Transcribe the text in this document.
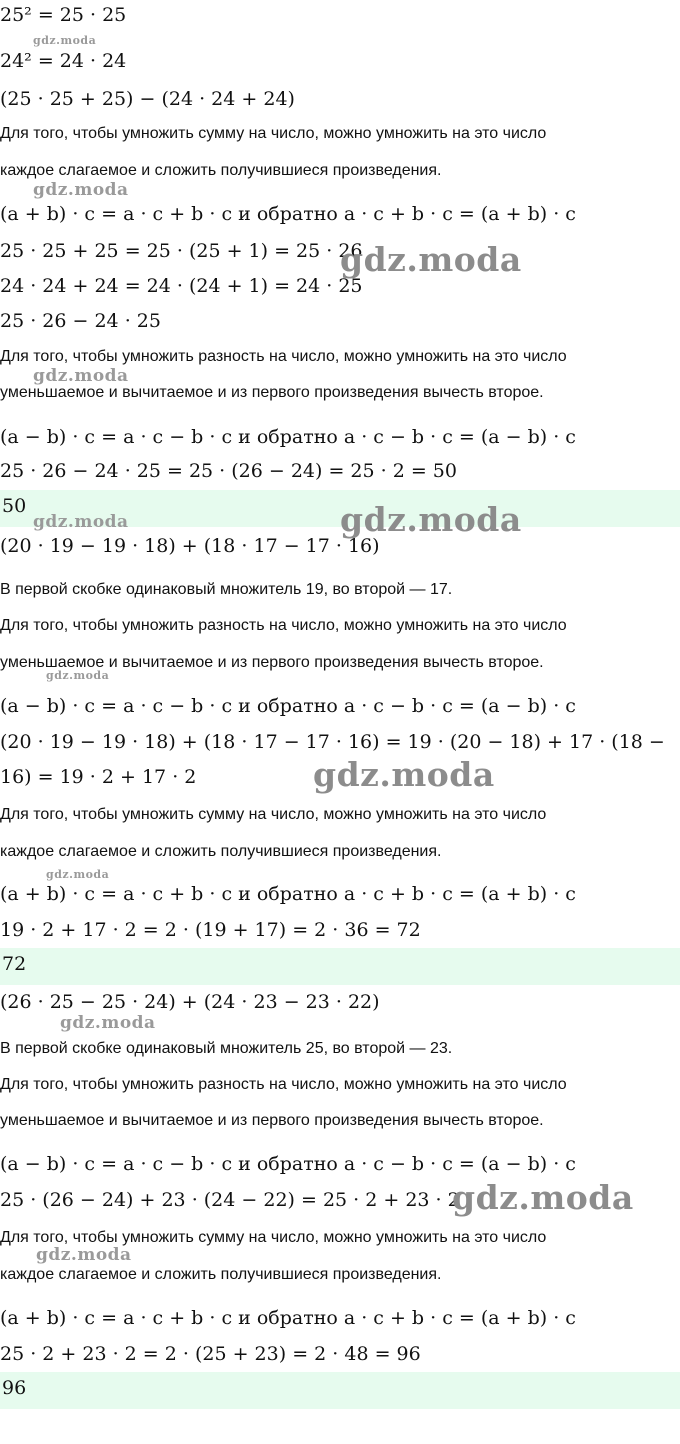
50
72
96
25² = 25 · 25
24² = 24 · 24
(25 · 25 + 25) − (24 · 24 + 24)
Для того, чтобы умножить сумму на число, можно умножить на это число
каждое слагаемое и сложить получившиеся произведения.
(a + b) · c = a · c + b · c и обратно a · c + b · c = (a + b) · c
25 · 25 + 25 = 25 · (25 + 1) = 25 · 26
24 · 24 + 24 = 24 · (24 + 1) = 24 · 25
25 · 26 − 24 · 25
Для того, чтобы умножить разность на число, можно умножить на это число
уменьшаемое и вычитаемое и из первого произведения вычесть второе.
(a − b) · c = a · c − b · c и обратно a · c − b · c = (a − b) · c
25 · 26 − 24 · 25 = 25 · (26 − 24) = 25 · 2 = 50
(20 · 19 − 19 · 18) + (18 · 17 − 17 · 16)
В первой скобке одинаковый множитель 19, во второй — 17.
Для того, чтобы умножить разность на число, можно умножить на это число
уменьшаемое и вычитаемое и из первого произведения вычесть второе.
(a − b) · c = a · c − b · c и обратно a · c − b · c = (a − b) · c
(20 · 19 − 19 · 18) + (18 · 17 − 17 · 16) = 19 · (20 − 18) + 17 · (18 −
16) = 19 · 2 + 17 · 2
Для того, чтобы умножить сумму на число, можно умножить на это число
каждое слагаемое и сложить получившиеся произведения.
(a + b) · c = a · c + b · c и обратно a · c + b · c = (a + b) · c
19 · 2 + 17 · 2 = 2 · (19 + 17) = 2 · 36 = 72
(26 · 25 − 25 · 24) + (24 · 23 − 23 · 22)
В первой скобке одинаковый множитель 25, во второй — 23.
Для того, чтобы умножить разность на число, можно умножить на это число
уменьшаемое и вычитаемое и из первого произведения вычесть второе.
(a − b) · c = a · c − b · c и обратно a · c − b · c = (a − b) · c
25 · (26 − 24) + 23 · (24 − 22) = 25 · 2 + 23 · 2
Для того, чтобы умножить сумму на число, можно умножить на это число
каждое слагаемое и сложить получившиеся произведения.
(a + b) · c = a · c + b · c и обратно a · c + b · c = (a + b) · c
25 · 2 + 23 · 2 = 2 · (25 + 23) = 2 · 48 = 96
gdz.moda
gdz.moda
gdz.moda
gdz.moda
gdz.moda
gdz.moda
gdz.moda
gdz.moda
gdz.moda
gdz.moda
gdz.moda
gdz.moda
